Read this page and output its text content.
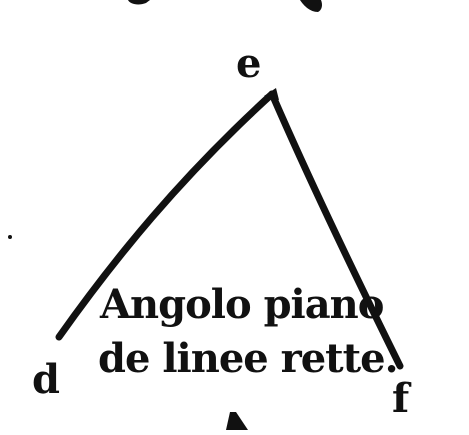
e
d	f
Angolo piano
de linee rette.
